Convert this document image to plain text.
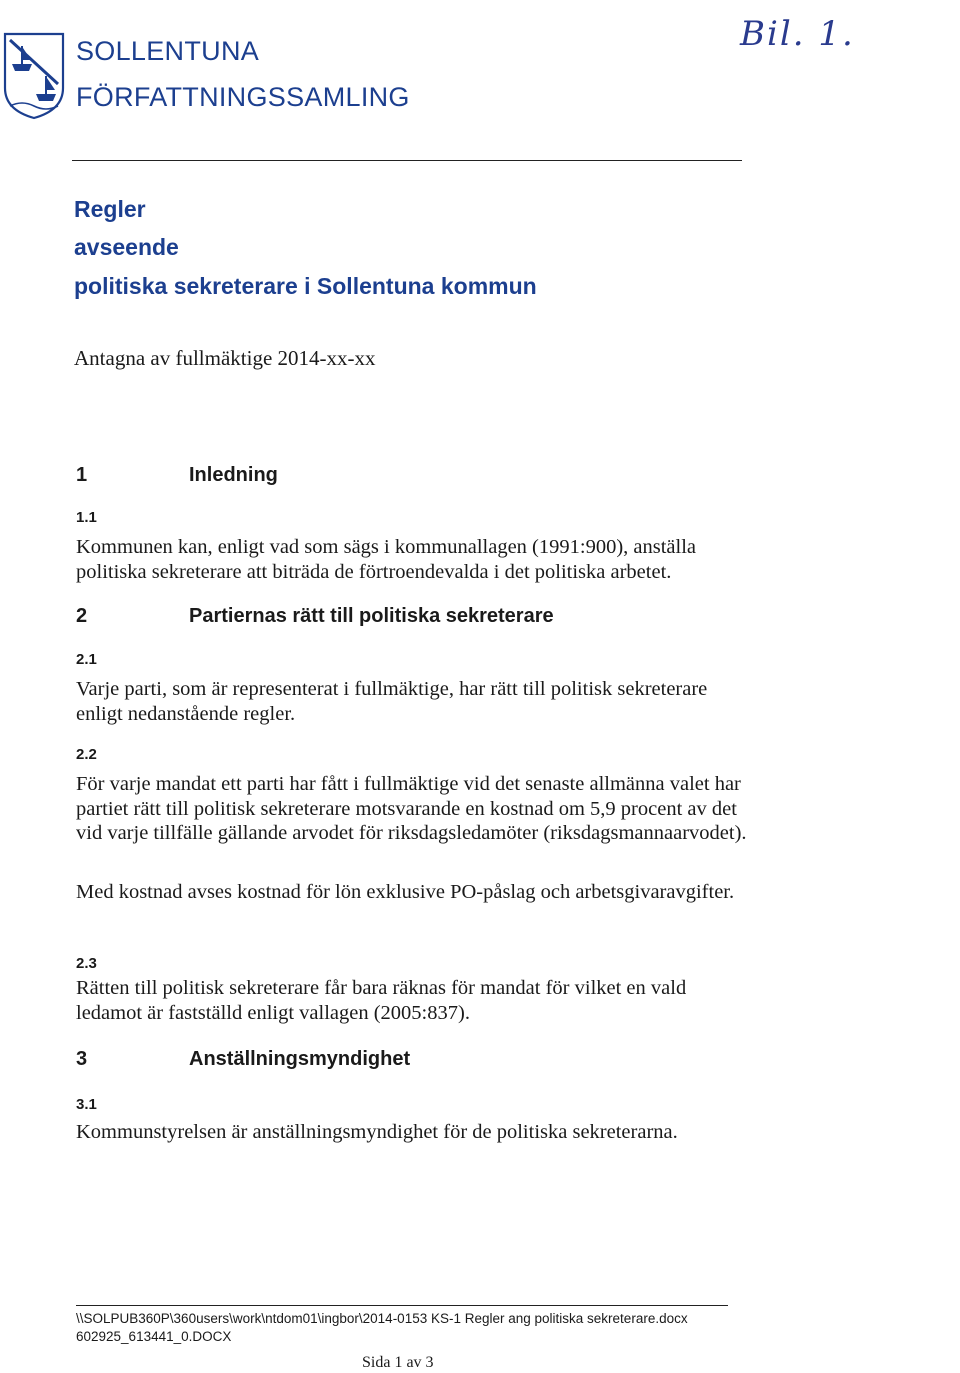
SOLLENTUNA
FÖRFATTNINGSSAMLING
Bil. 1.
Regler
avseende
politiska sekreterare i Sollentuna kommun
Antagna av fullmäktige 2014-xx-xx
1	Inledning
1.1
Kommunen kan, enligt vad som sägs i kommunallagen (1991:900), anställa politiska sekreterare att biträda de förtroendevalda i det politiska arbetet.
2	Partiernas rätt till politiska sekreterare
2.1
Varje parti, som är representerat i fullmäktige, har rätt till politisk sekreterare enligt nedanstående regler.
2.2
För varje mandat ett parti har fått i fullmäktige vid det senaste allmänna valet har partiet rätt till politisk sekreterare motsvarande en kostnad om 5,9 procent av det vid varje tillfälle gällande arvodet för riksdagsledamöter (riksdagsmannaarvodet).
Med kostnad avses kostnad för lön exklusive PO-påslag och arbetsgivaravgifter.
2.3
Rätten till politisk sekreterare får bara räknas för mandat för vilket en vald ledamot är fastställd enligt vallagen (2005:837).
3	Anställningsmyndighet
3.1
Kommunstyrelsen är anställningsmyndighet för de politiska sekreterarna.
\\SOLPUB360P\360users\work\ntdom01\ingbor\2014-0153 KS-1 Regler ang politiska sekreterare.docx
602925_613441_0.DOCX
Sida 1 av 3
